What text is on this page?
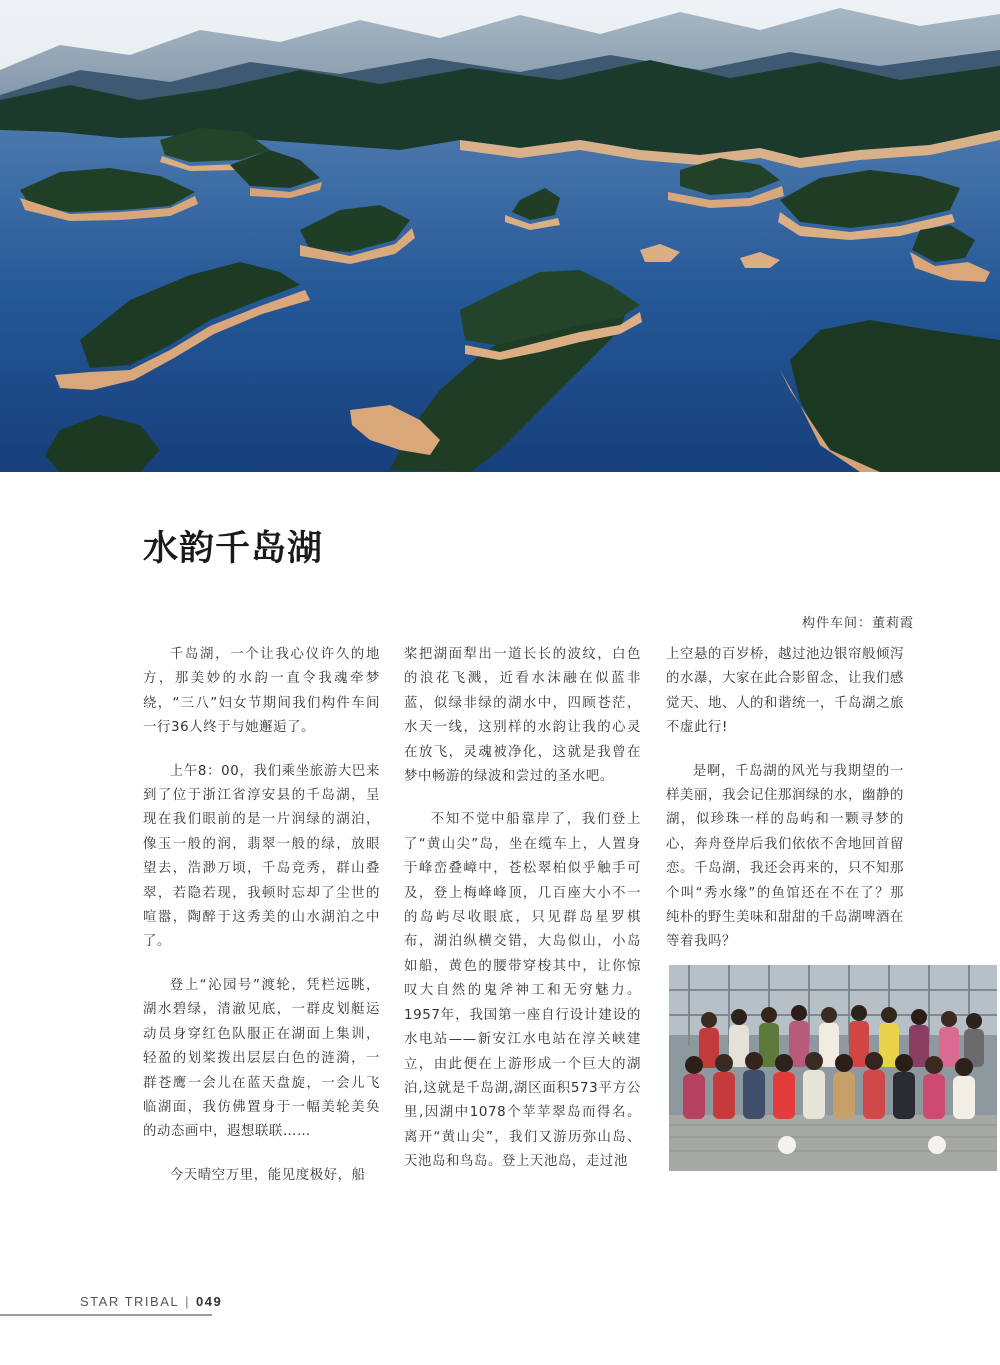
水韵千岛湖
构件车间：董莉霞

千岛湖，一个让我心仪许久的地方，那美妙的水韵一直令我魂牵梦绕，“三八”妇女节期间我们构件车间一行36人终于与她邂逅了。

上午8：00，我们乘坐旅游大巴来到了位于浙江省淳安县的千岛湖，呈现在我们眼前的是一片润绿的湖泊，像玉一般的润，翡翠一般的绿，放眼望去，浩渺万顷，千岛竞秀，群山叠翠，若隐若现，我顿时忘却了尘世的喧嚣，陶醉于这秀美的山水湖泊之中了。

登上“沁园号”渡轮，凭栏远眺，湖水碧绿，清澈见底，一群皮划艇运动员身穿红色队服正在湖面上集训，轻盈的划桨拨出层层白色的涟漪，一群苍鹰一会儿在蓝天盘旋，一会儿飞临湖面，我仿佛置身于一幅美轮美奂的动态画中，遐想联联……

今天晴空万里，能见度极好，船

桨把湖面犁出一道长长的波纹，白色的浪花飞溅，近看水沫融在似蓝非蓝，似绿非绿的湖水中，四顾苍茫，水天一线，这别样的水韵让我的心灵在放飞，灵魂被净化，这就是我曾在梦中畅游的绿波和尝过的圣水吧。

不知不觉中船靠岸了，我们登上了“黄山尖”岛，坐在缆车上，人置身于峰峦叠嶂中，苍松翠柏似乎触手可及，登上梅峰峰顶，几百座大小不一的岛屿尽收眼底，只见群岛星罗棋布，湖泊纵横交错，大岛似山，小岛如船，黄色的腰带穿梭其中，让你惊叹大自然的鬼斧神工和无穷魅力。1957年，我国第一座自行设计建设的水电站——新安江水电站在淳关峡建立，由此便在上游形成一个巨大的湖泊,这就是千岛湖,湖区面积573平方公里,因湖中1078个苹苹翠岛而得名。离开“黄山尖”，我们又游历弥山岛、天池岛和鸟岛。登上天池岛，走过池

上空悬的百岁桥，越过池边银帘般倾泻的水瀑，大家在此合影留念，让我们感觉天、地、人的和谐统一，千岛湖之旅不虚此行!

是啊，千岛湖的风光与我期望的一样美丽，我会记住那润绿的水，幽静的湖，似珍珠一样的岛屿和一颗寻梦的心，奔舟登岸后我们依依不舍地回首留恋。千岛湖，我还会再来的，只不知那个叫“秀水缘”的鱼馆还在不在了？那纯朴的野生美味和甜甜的千岛湖啤酒在等着我吗？

STAR TRIBAL | 049
